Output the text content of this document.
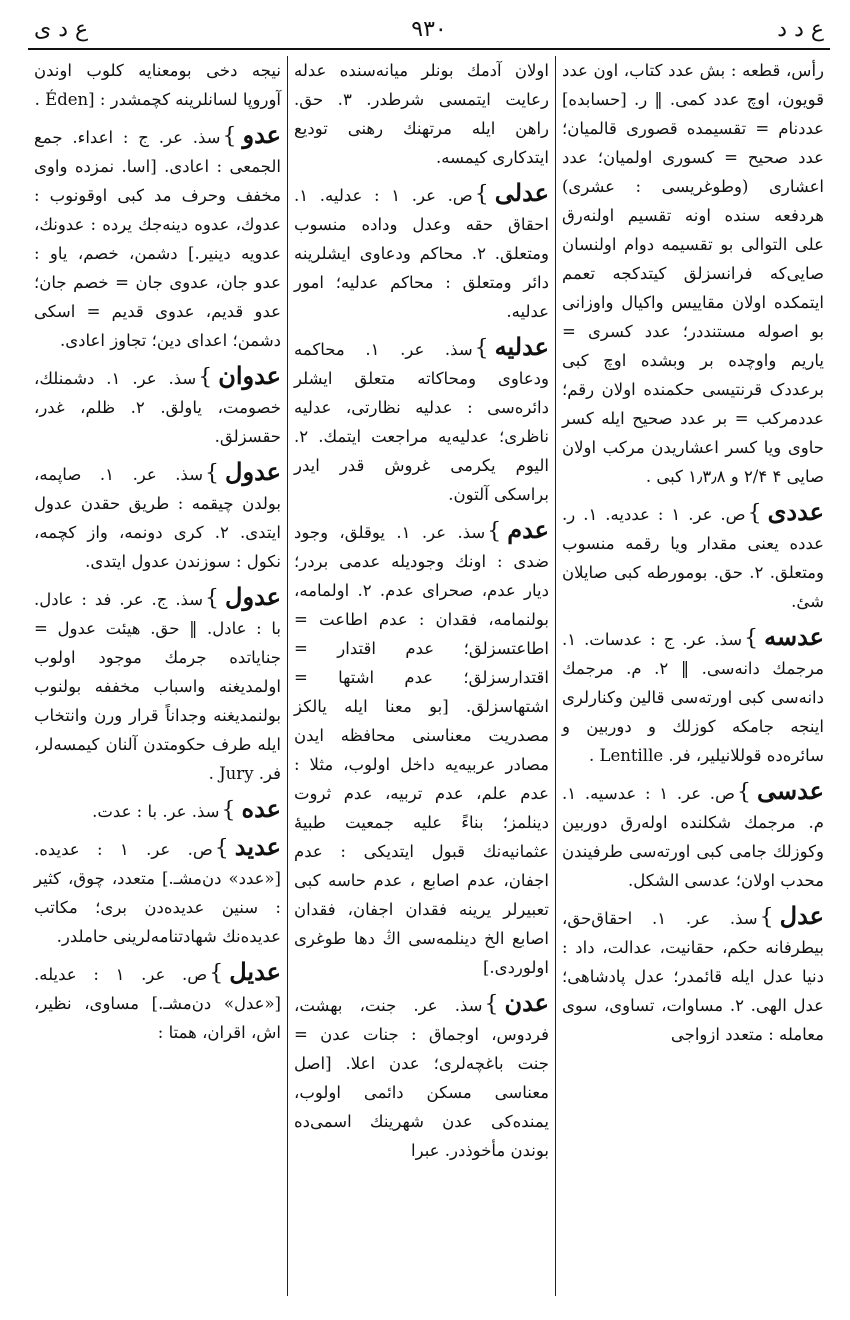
ع د د
۹۳۰
ع د ی

رأس، قطعه : بش عدد کتاب، اون عدد قویون، اوچ عدد کمی. ‖ ر. [حسابده] عددنام = تقسیمده قصوری قالمیان؛ عدد صحیح = کسوری اولمیان؛ عدد اعشاری (وطوغریسی : عشری) هردفعه‌ سنده اونه تقسیم اولنه‌رق علی‌ التوالی بو تقسیمه دوام اولنسان صایی‌که فرانسزلق کیتدکجه تعمم ایتمکده اولان مقاییس واکیال واوزانی بو اصوله مستنددر؛ عدد کسری = یاریم واوچده بر وبشده اوچ کبی برعددک قرنتیسی حکمنده اولان رقم؛ عددمرکب = بر عدد صحیح ایله کسر حاوی ویا کسر اعشاریدن مرکب اولان صایی ۴ ۲/۴ و ۱٫۳٫۸ کبی .

عددی}ص. عر. ۱ : عددیه. ۱. ر. عدده یعنی مقدار ویا رقمه منسوب ومتعلق. ۲. حق. بومورطه کبی صایلان شی‌ٔ.

عدسه}سذ. عر. ج : عدسات. ۱. مرجمك دانه‌سی. ‖ ۲. م. مرجمك دانه‌سی کبی اورته‌سی قالین وکنارلری اینجه جامکه کوزلك و دوربین و سائره‌ده قوللانیلیر، فر. Lentille .

عدسی}ص. عر. ۱ : عدسیه. ۱. م. مرجمك شکلنده اوله‌رق دوربین وکوزلك جامی کبی اورته‌سی طرفیندن محدب اولان؛ عدسی الشکل.

عدل}سذ. عر. ۱. احقاق‌حق، بیطرفانه حکم، حقانیت، عدالت، داد : دنیا عدل ایله قائمدر؛ عدل پادشاهی؛ عدل الهی. ۲. مساوات، تساوی، سوی معامله : متعدد ازواجی

اولان آدمك بونلر میانه‌سنده عدله رعایت ایتمسی شرطدر. ۳. حق. راهن ایله مرتهنك رهنی تودیع ایتدکاری کیمسه.

عدلی}ص. عر. ۱ : عدلیه. ۱. احقاق حقه وعدل وداده منسوب ومتعلق. ۲. محاکم ودعاوی ایشلرینه دائر ومتعلق : محاکم عدلیه؛ امور عدلیه.

عدلیه}سذ. عر. ۱. محاکمه ودعاوی ومحاکاته متعلق ایشلر دائره‌سی : عدلیه نظارتی، عدلیه ناظری؛ عدلیه‌یه مراجعت ایتمك. ۲. الیوم یکرمی غروش قدر ایدر براسکی آلتون.

عدم}سذ. عر. ۱. یوقلق، وجود ضدی : اونك وجودیله عدمی بردر؛ دیار عدم، صحرای عدم. ۲. اولمامه، بولنمامه، فقدان : عدم اطاعت = اطاعتسزلق؛ عدم اقتدار = اقتدارسزلق؛ عدم اشتها = اشتهاسزلق. [بو معنا ایله یالکز مصدریت معناسنی محافظه ایدن مصادر عربیه‌یه داخل اولوب، مثلا : عدم علم، عدم تربیه، عدم ثروت دینلمز؛ بناءً علیه جمعیت طبیهٔ عثمانیه‌نك قبول ایتدیکی : عدم اجفان، عدم اصابع ، عدم حاسه کبی تعبیرلر یرینه فقدان اجفان، فقدان اصابع الخ دینلمه‌سی اڭ دها طوغری اولوردی.]

عدن}سذ. عر. جنت، بهشت، فردوس، اوجماق : جنات عدن = جنت باغچه‌لری؛ عدن اعلا. [اصل معناسی مسکن دائمی اولوب، یمنده‌کی عدن شهرینك اسمی‌ده بوندن مأخوذدر. عبرا

نیجه دخی بومعنایه کلوب اوندن آوروپا لسانلرینه کچمشدر : [Éden .

عدو}سذ. عر. ج : اعداء. جمع الجمعی : اعادی. [اسا. نمزده واوی مخفف وحرف مد کبی اوقونوب : عدوك، عدوه دینه‌جك یرده : عدونك، عدویه دینیر.] دشمن، خصم، یاو : عدو جان، عدوی جان = خصم جان؛ عدو قدیم، عدوی قدیم = اسکی دشمن؛ اعدای دین؛ تجاوز اعادی.

عدوان}سذ. عر. ۱. دشمنلك، خصومت، یاولق. ۲. ظلم، غدر، حقسزلق.

عدول}سذ. عر. ۱. صاپمه، بولدن چیقمه : طریق حقدن عدول ایتدی. ۲. کری دونمه، واز کچمه، نکول : سوزندن عدول ایتدی.

عدول}سذ. ج. عر. فد : عادل. با : عادل. ‖ حق. هیئت عدول = جنایاتده جرمك موجود اولوب اولمدیغنه واسباب مخففه بولنوب بولنمدیغنه وجداناً قرار ورن وانتخاب ایله طرف حکومتدن آلنان کیمسه‌لر، فر. Jury .

عده}سذ. عر. با : عدت.

عدید}ص. عر. ۱ : عدیده. [«عدد» دن‌مشـ.] متعدد، چوق، کثیر : سنین عدیده‌دن بری؛ مکاتب عدیده‌نك شهادتنامه‌لرینی حاملدر.

عدیل}ص. عر. ۱ : عدیله. [«عدل» دن‌مشـ.] مساوی، نظیر، اش، اقران، همتا :
